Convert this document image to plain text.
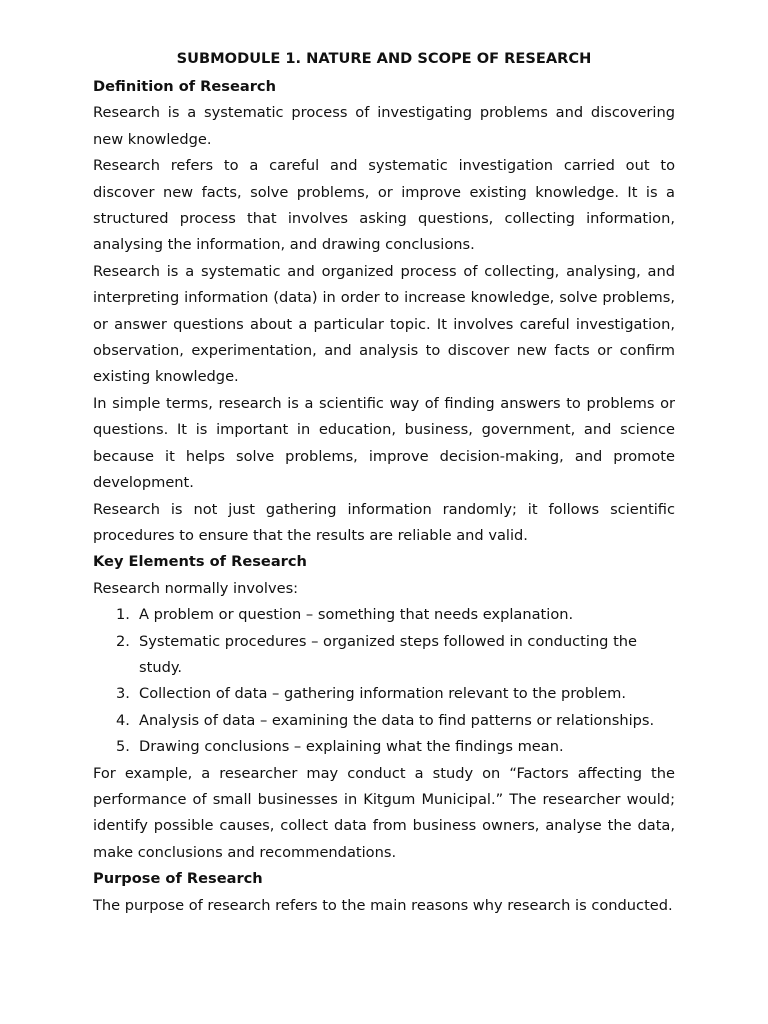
SUBMODULE 1. NATURE AND SCOPE OF RESEARCH
Definition of Research

Research is a systematic process of investigating problems and discovering new knowledge.

Research refers to a careful and systematic investigation carried out to discover new facts, solve problems, or improve existing knowledge. It is a structured process that involves asking questions, collecting information, analysing the information, and drawing conclusions.

Research is a systematic and organized process of collecting, analysing, and interpreting information (data) in order to increase knowledge, solve problems, or answer questions about a particular topic. It involves careful investigation, observation, experimentation, and analysis to discover new facts or confirm existing knowledge.

In simple terms, research is a scientific way of finding answers to problems or questions. It is important in education, business, government, and science because it helps solve problems, improve decision-making, and promote development.

Research is not just gathering information randomly; it follows scientific procedures to ensure that the results are reliable and valid.

Key Elements of Research

Research normally involves:

1. A problem or question – something that needs explanation.
2. Systematic procedures – organized steps followed in conducting the study.
3. Collection of data – gathering information relevant to the problem.
4. Analysis of data – examining the data to find patterns or relationships.
5. Drawing conclusions – explaining what the findings mean.

For example, a researcher may conduct a study on “Factors affecting the performance of small businesses in Kitgum Municipal.” The researcher would; identify possible causes, collect data from business owners, analyse the data, make conclusions and recommendations.

Purpose of Research

The purpose of research refers to the main reasons why research is conducted.
